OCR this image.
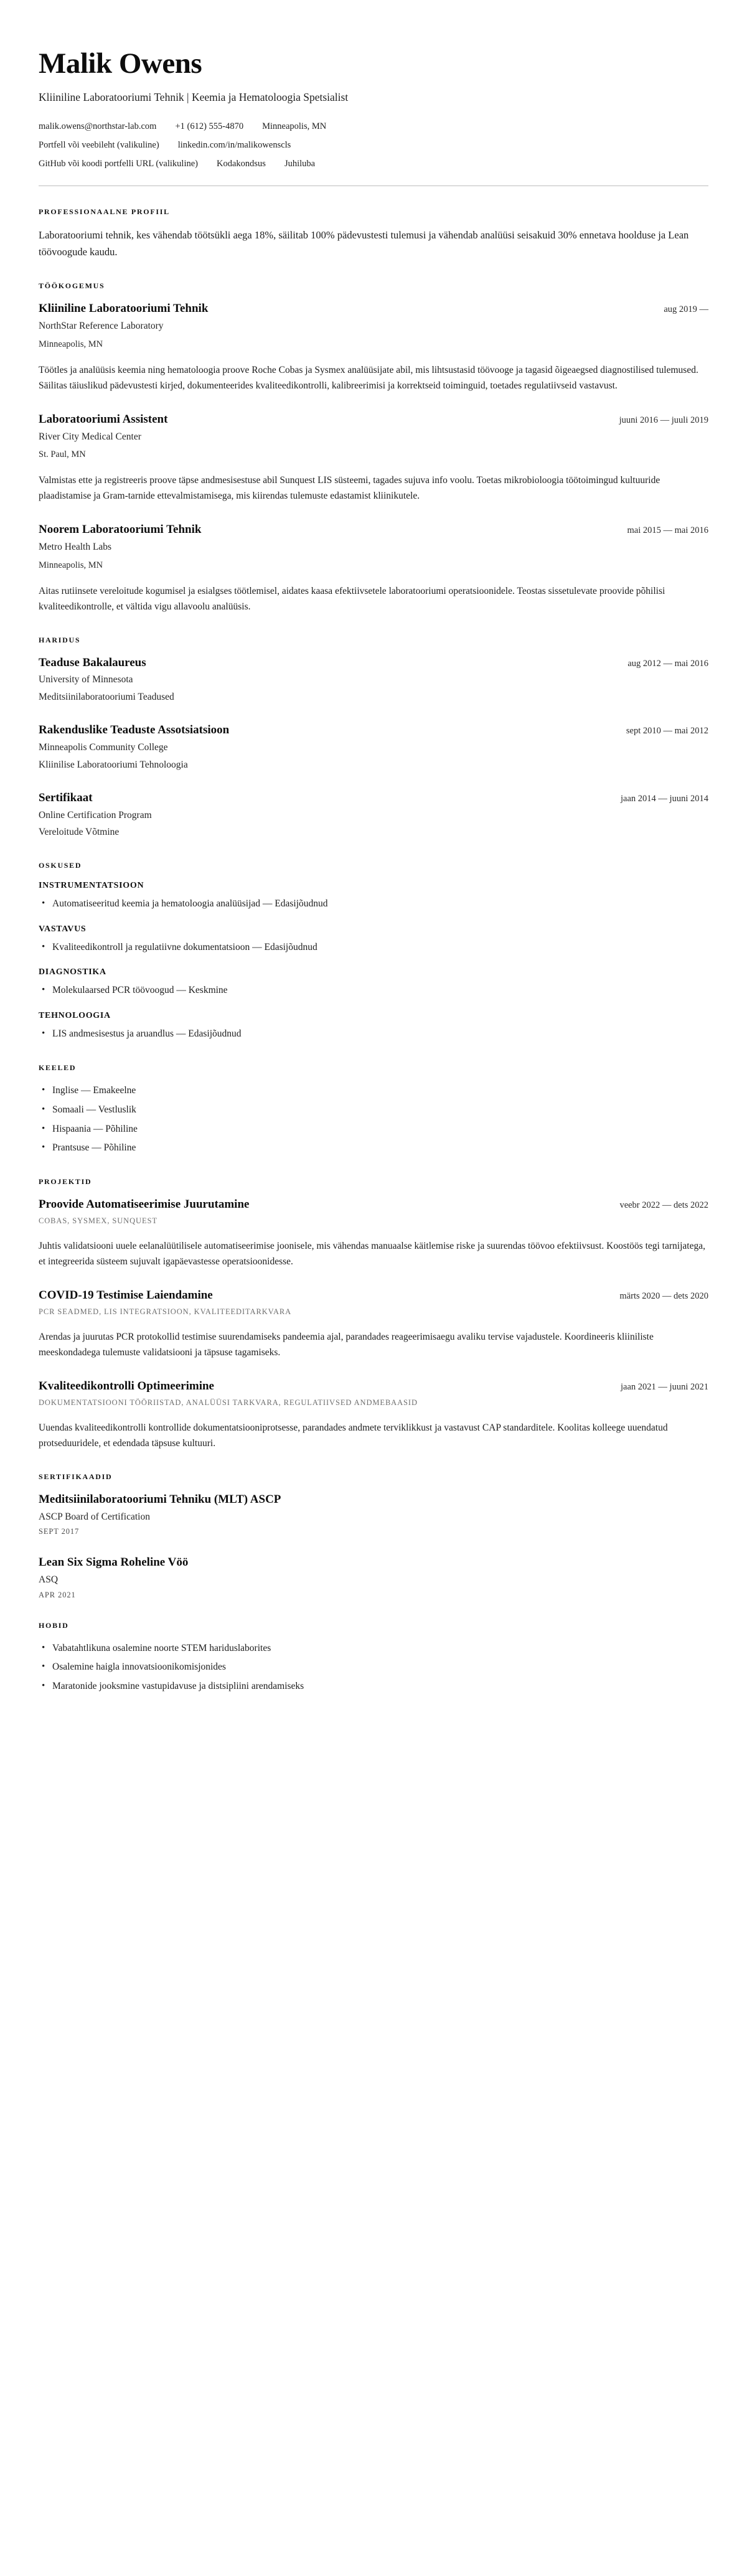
Malik Owens

Kliiniline Laboratooriumi Tehnik | Keemia ja Hematoloogia Spetsialist

malik.owens@northstar-lab.com +1 (612) 555-4870 Minneapolis, MN
Portfell või veebileht (valikuline) linkedin.com/in/malikowenscls
GitHub või koodi portfelli URL (valikuline) Kodakondsus Juhiluba
PROFESSIONAALNE PROFIIL

Laboratooriumi tehnik, kes vähendab töötsükli aega 18%, säilitab 100% pädevustesti tulemusi ja vähendab analüüsi seisakuid 30% ennetava hoolduse ja Lean töövoogude kaudu.

TÖÖKOGEMUS
Kliiniline Laboratooriumi Tehnik	aug 2019 —

NorthStar Reference Laboratory

Minneapolis, MN

Töötles ja analüüsis keemia ning hematoloogia proove Roche Cobas ja Sysmex analüüsijate abil, mis lihtsustasid töövooge ja tagasid õigeaegsed diagnostilised tulemused. Säilitas täiuslikud pädevustesti kirjed, dokumenteerides kvaliteedikontrolli, kalibreerimisi ja korrektseid toiminguid, toetades regulatiivseid vastavust.

Laboratooriumi Assistent	juuni 2016 — juuli 2019

River City Medical Center

St. Paul, MN

Valmistas ette ja registreeris proove täpse andmesisestuse abil Sunquest LIS süsteemi, tagades sujuva info voolu. Toetas mikrobioloogia töötoimingud kultuuride plaadistamise ja Gram-tarnide ettevalmistamisega, mis kiirendas tulemuste edastamist kliinikutele.

Noorem Laboratooriumi Tehnik	mai 2015 — mai 2016

Metro Health Labs

Minneapolis, MN

Aitas rutiinsete vereloitude kogumisel ja esialgses töötlemisel, aidates kaasa efektiivsetele laboratooriumi operatsioonidele. Teostas sissetulevate proovide põhilisi kvaliteedikontrolle, et vältida vigu allavoolu analüüsis.

HARIDUS
Teaduse Bakalaureus	aug 2012 — mai 2016

University of Minnesota

Meditsiinilaboratooriumi Teadused

Rakenduslike Teaduste Assotsiatsioon	sept 2010 — mai 2012

Minneapolis Community College

Kliinilise Laboratooriumi Tehnoloogia

Sertifikaat	jaan 2014 — juuni 2014

Online Certification Program

Vereloitude Võtmine

OSKUSED
INSTRUMENTATSIOON
• Automatiseeritud keemia ja hematoloogia analüüsijad — Edasijõudnud
VASTAVUS
• Kvaliteedikontroll ja regulatiivne dokumentatsioon — Edasijõudnud
DIAGNOSTIKA
• Molekulaarsed PCR töövoogud — Keskmine
TEHNOLOOGIA
• LIS andmesisestus ja aruandlus — Edasijõudnud
KEELED
• Inglise — Emakeelne
• Somaali — Vestluslik
• Hispaania — Põhiline
• Prantsuse — Põhiline
PROJEKTID
Proovide Automatiseerimise Juurutamine	veebr 2022 — dets 2022

COBAS, SYSMEX, SUNQUEST

Juhtis validatsiooni uuele eelanalüütilisele automatiseerimise joonisele, mis vähendas manuaalse käitlemise riske ja suurendas töövoo efektiivsust. Koostöös tegi tarnijatega, et integreerida süsteem sujuvalt igapäevastesse operatsioonidesse.

COVID-19 Testimise Laiendamine	märts 2020 — dets 2020

PCR SEADMED, LIS INTEGRATSIOON, KVALITEEDITARKVARA

Arendas ja juurutas PCR protokollid testimise suurendamiseks pandeemia ajal, parandades reageerimisaegu avaliku tervise vajadustele. Koordineeris kliiniliste meeskondadega tulemuste validatsiooni ja täpsuse tagamiseks.

Kvaliteedikontrolli Optimeerimine	jaan 2021 — juuni 2021

DOKUMENTATSIOONI TÖÖRIISTAD, ANALÜÜSI TARKVARA, REGULATIIVSED ANDMEBAASID

Uuendas kvaliteedikontrolli kontrollide dokumentatsiooniprotsesse, parandades andmete terviklikkust ja vastavust CAP standarditele. Koolitas kolleege uuendatud protseduuridele, et edendada täpsuse kultuuri.

SERTIFIKAADID
Meditsiinilaboratooriumi Tehniku (MLT) ASCP

ASCP Board of Certification

SEPT 2017

Lean Six Sigma Roheline Vöö

ASQ

APR 2021

HOBID
• Vabatahtlikuna osalemine noorte STEM hariduslaborites
• Osalemine haigla innovatsioonikomisjonides
• Maratonide jooksmine vastupidavuse ja distsipliini arendamiseks
